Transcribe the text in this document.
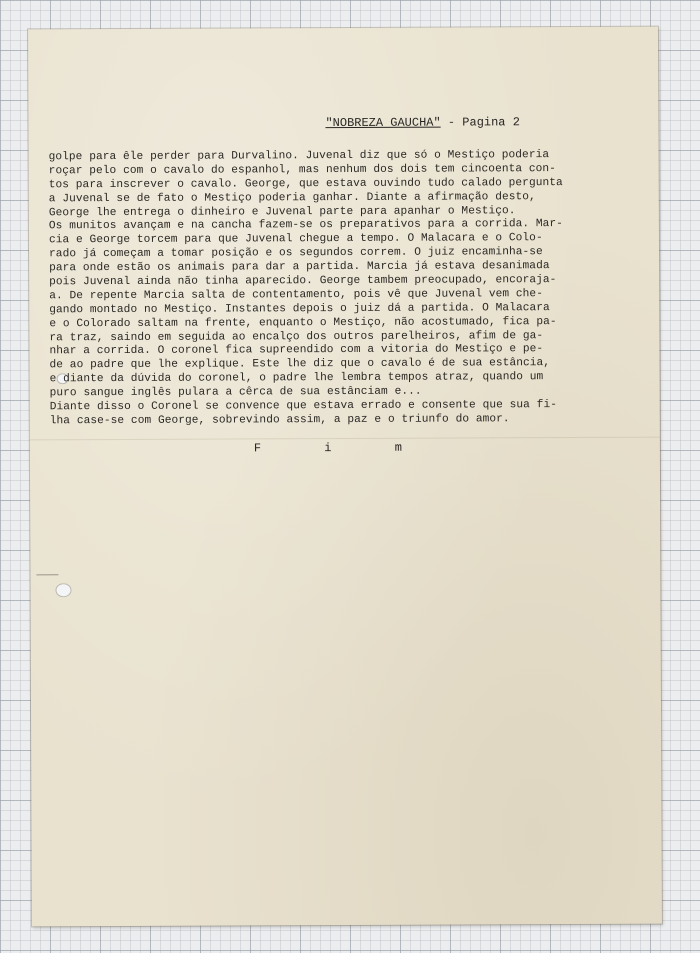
"NOBREZA GAUCHA" - Pagina 2
golpe para êle perder para Durvalino. Juvenal diz que só o Mestiço poderia
roçar pelo com o cavalo do espanhol, mas nenhum dos dois tem cincoenta con-
tos para inscrever o cavalo. George, que estava ouvindo tudo calado pergunta
a Juvenal se de fato o Mestiço poderia ganhar. Diante a afirmação desto,
George lhe entrega o dinheiro e Juvenal parte para apanhar o Mestiço.
Os munitos avançam e na cancha fazem-se os preparativos para a corrida. Mar-
cia e George torcem para que Juvenal chegue a tempo. O Malacara e o Colo-
rado já começam a tomar posição e os segundos correm. O juiz encaminha-se
para onde estão os animais para dar a partida. Marcia já estava desanimada
pois Juvenal ainda não tinha aparecido. George tambem preocupado, encoraja-
a. De repente Marcia salta de contentamento, pois vê que Juvenal vem che-
gando montado no Mestiço. Instantes depois o juiz dá a partida. O Malacara
e o Colorado saltam na frente, enquanto o Mestiço, não acostumado, fica pa-
ra traz, saindo em seguida ao encalço dos outros parelheiros, afim de ga-
nhar a corrida. O coronel fica supreendido com a vitoria do Mestiço e pe-
de ao padre que lhe explique. Este lhe diz que o cavalo é de sua estância,
e diante da dúvida do coronel, o padre lhe lembra tempos atraz, quando um
puro sangue inglês pulara a cêrca de sua estânciam e...
Diante disso o Coronel se convence que estava errado e consente que sua fi-
lha case-se com George, sobrevindo assim, a paz e o triunfo do amor.
F i m
